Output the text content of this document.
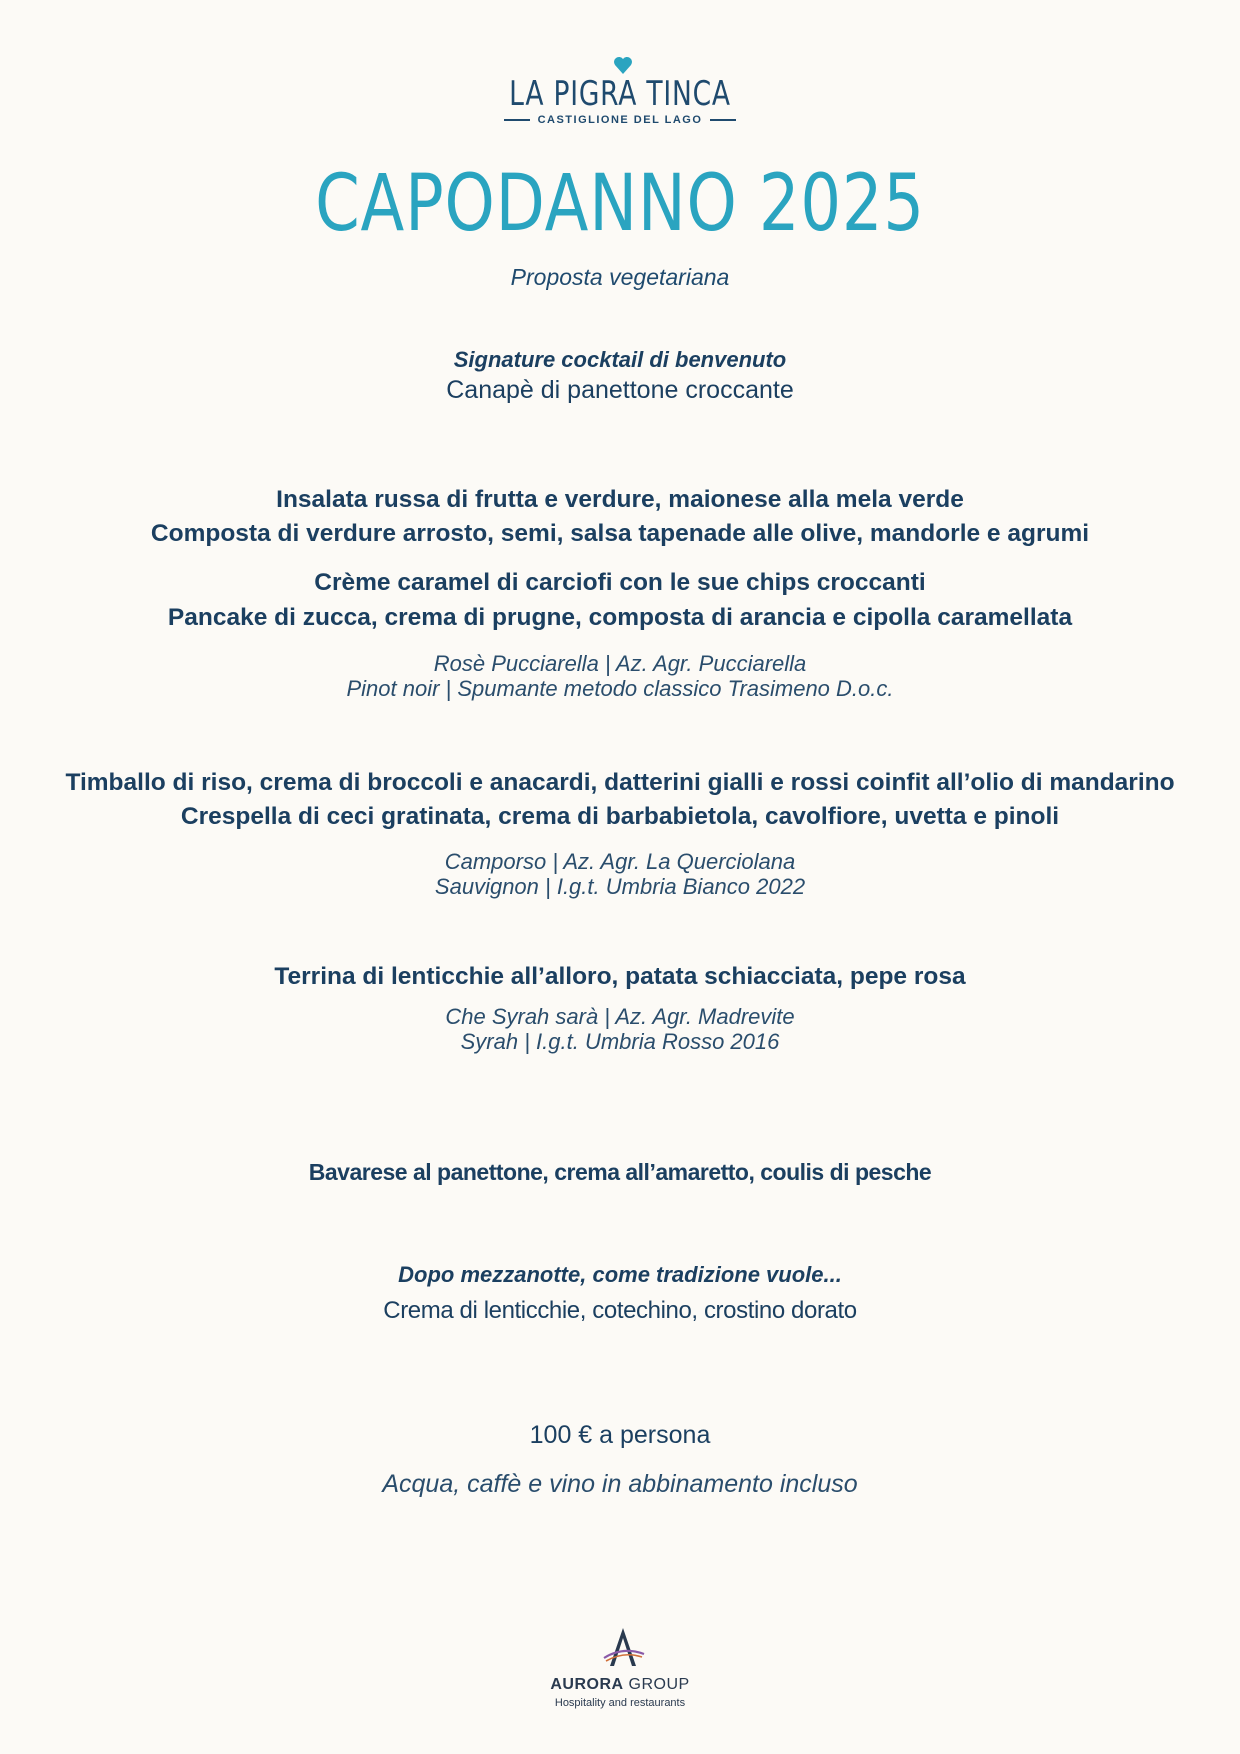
LA PIGRA TINCA
CASTIGLIONE DEL LAGO
CAPODANNO 2025
Proposta vegetariana
Signature cocktail di benvenuto
Canapè di panettone croccante
Insalata russa di frutta e verdure, maionese alla mela verde
Composta di verdure arrosto, semi, salsa tapenade alle olive, mandorle e agrumi
Crème caramel di carciofi con le sue chips croccanti
Pancake di zucca, crema di prugne, composta di arancia e cipolla caramellata
Rosè Pucciarella | Az. Agr. Pucciarella
Pinot noir | Spumante metodo classico Trasimeno D.o.c.
Timballo di riso, crema di broccoli e anacardi, datterini gialli e rossi coinfit all’olio di mandarino
Crespella di ceci gratinata, crema di barbabietola, cavolfiore, uvetta e pinoli
Camporso | Az. Agr. La Querciolana
Sauvignon | I.g.t. Umbria Bianco 2022
Terrina di lenticchie all’alloro, patata schiacciata, pepe rosa
Che Syrah sarà | Az. Agr. Madrevite
Syrah | I.g.t. Umbria Rosso 2016
Bavarese al panettone, crema all’amaretto, coulis di pesche
Dopo mezzanotte, come tradizione vuole...
Crema di lenticchie, cotechino, crostino dorato
100 € a persona
Acqua, caffè e vino in abbinamento incluso
AURORA GROUP
Hospitality and restaurants
